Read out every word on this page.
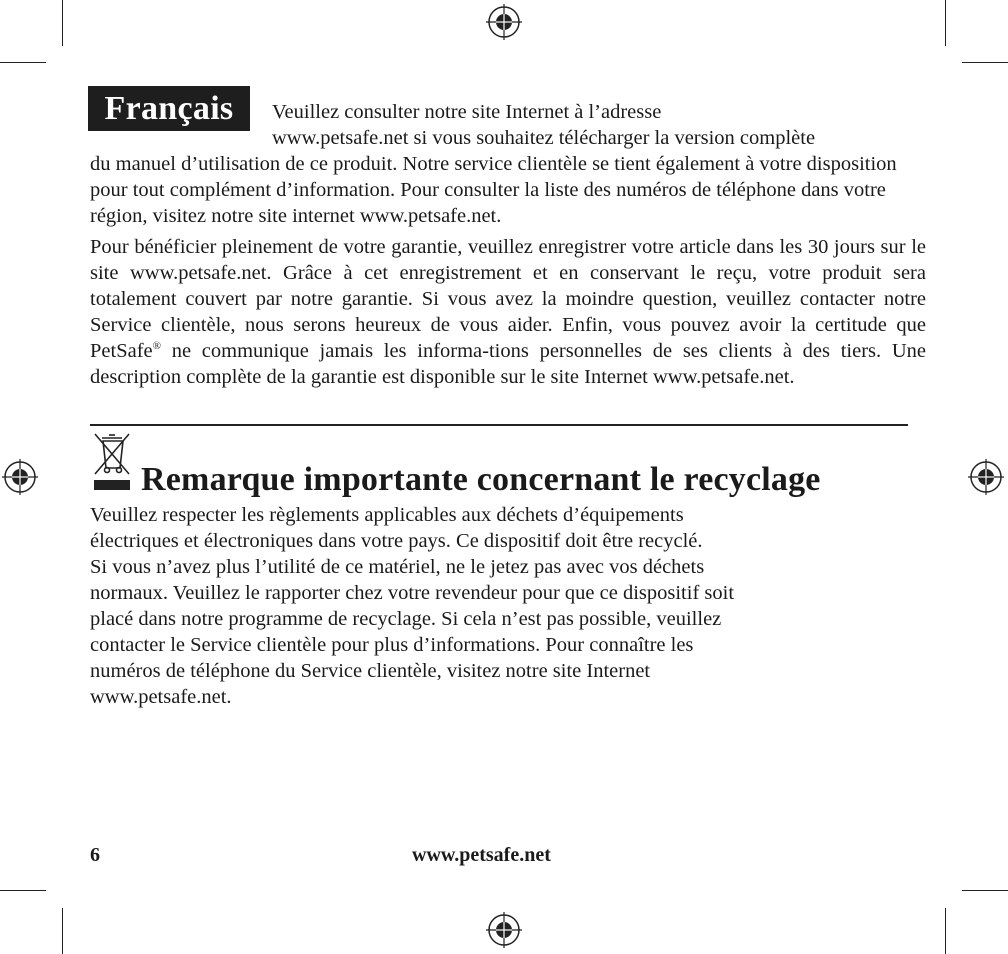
Français	Veuillez consulter notre site Internet à l’adresse
www.petsafe.net si vous souhaitez télécharger la version complète
du manuel d’utilisation de ce produit. Notre service clientèle se tient également à votre disposition pour tout complément d’information. Pour consulter la liste des numéros de téléphone dans votre région, visitez notre site internet www.petsafe.net.
Pour bénéficier pleinement de votre garantie, veuillez enregistrer votre article dans les 30 jours sur le site www.petsafe.net. Grâce à cet enregistrement et en conservant le reçu, votre produit sera totalement couvert par notre garantie. Si vous avez la moindre question, veuillez contacter notre Service clientèle, nous serons heureux de vous aider. Enfin, vous pouvez avoir la certitude que PetSafe® ne communique jamais les informa-tions personnelles de ses clients à des tiers. Une description complète de la garantie est disponible sur le site Internet www.petsafe.net.
Remarque importante concernant le recyclage
Veuillez respecter les règlements applicables aux déchets d’équipements
électriques et électroniques dans votre pays. Ce dispositif doit être recyclé.
Si vous n’avez plus l’utilité de ce matériel, ne le jetez pas avec vos déchets
normaux. Veuillez le rapporter chez votre revendeur pour que ce dispositif soit
placé dans notre programme de recyclage. Si cela n’est pas possible, veuillez
contacter le Service clientèle pour plus d’informations. Pour connaître les
numéros de téléphone du Service clientèle, visitez notre site Internet
www.petsafe.net.
6	www.petsafe.net
